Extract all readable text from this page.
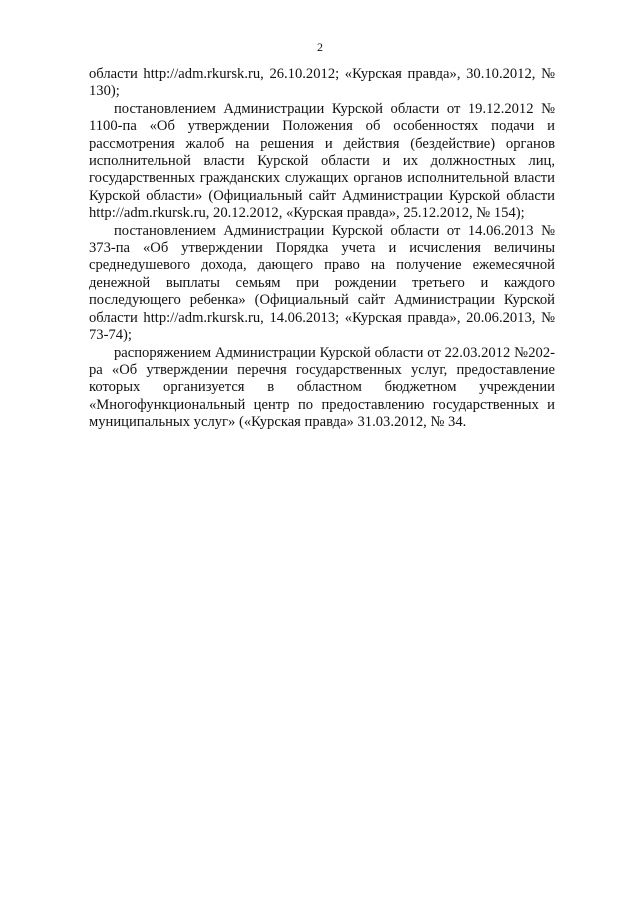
2

области http://adm.rkursk.ru, 26.10.2012; «Курская правда», 30.10.2012, № 130);

постановлением Администрации Курской области от 19.12.2012 № 1100-па «Об утверждении Положения об особенностях подачи и рассмотрения жалоб на решения и действия (бездействие) органов исполнительной власти Курской области и их должностных лиц, государственных гражданских служащих органов исполнительной власти Курской области» (Официальный сайт Администрации Курской области http://adm.rkursk.ru, 20.12.2012, «Курская правда», 25.12.2012, № 154);

постановлением Администрации Курской области от 14.06.2013 № 373-па «Об утверждении Порядка учета и исчисления величины среднедушевого дохода, дающего право на получение ежемесячной денежной выплаты семьям при рождении третьего и каждого последующего ребенка» (Официальный сайт Администрации Курской области http://adm.rkursk.ru, 14.06.2013; «Курская правда», 20.06.2013, № 73-74);

распоряжением Администрации Курской области от 22.03.2012 №202-ра «Об утверждении перечня государственных услуг, предоставление которых организуется в областном бюджетном учреждении «Многофункциональный центр по предоставлению государственных и муниципальных услуг» («Курская правда» 31.03.2012, № 34.
